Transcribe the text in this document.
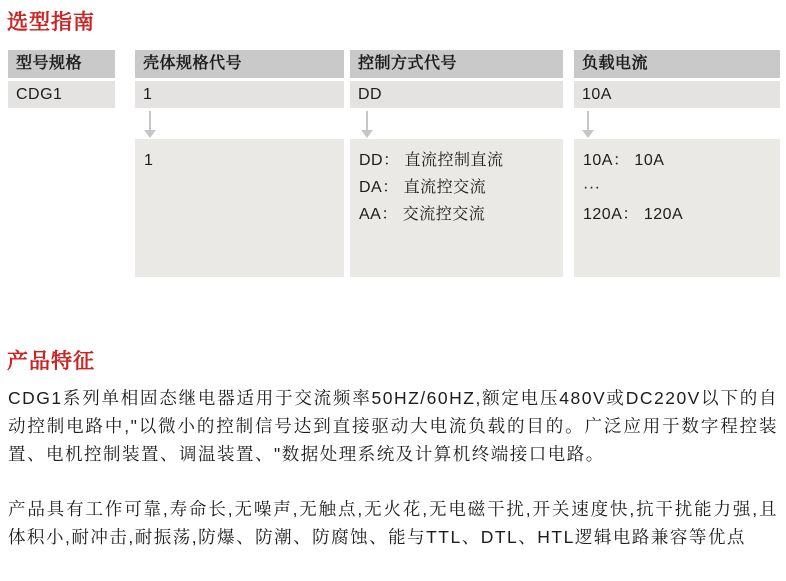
选型指南
型号规格
CDG1
壳体规格代号
1
1
控制方式代号
DD
DD： 直流控制直流
DA： 直流控交流
AA： 交流控交流
负载电流
10A
10A： 10A
···
120A： 120A
产品特征
CDG1系列单相固态继电器适用于交流频率50HZ/60HZ,额定电压480V或DC220V以下的自动控制电路中,"以微小的控制信号达到直接驱动大电流负载的目的。广泛应用于数字程控装置、电机控制装置、调温装置、"数据处理系统及计算机终端接口电路。
产品具有工作可靠,寿命长,无噪声,无触点,无火花,无电磁干扰,开关速度快,抗干扰能力强,且体积小,耐冲击,耐振荡,防爆、防潮、防腐蚀、能与TTL、DTL、HTL逻辑电路兼容等优点
